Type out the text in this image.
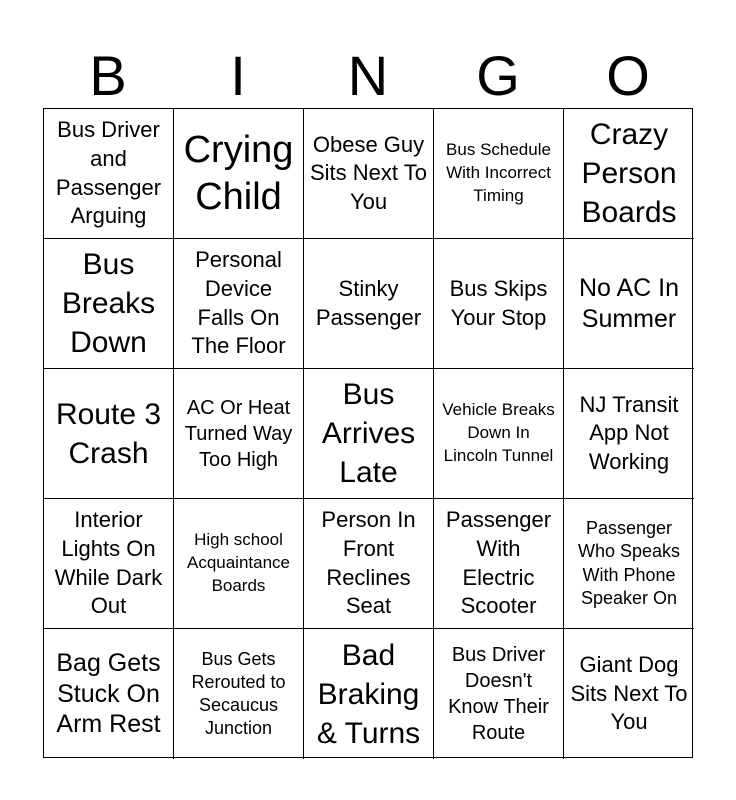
B	I	N	G	O
Bus Driver and Passenger Arguing
Crying Child
Obese Guy Sits Next To You
Bus Schedule With Incorrect Timing
Crazy Person Boards
Bus Breaks Down
Personal Device Falls On The Floor
Stinky Passenger
Bus Skips Your Stop
No AC In Summer
Route 3 Crash
AC Or Heat Turned Way Too High
Bus Arrives Late
Vehicle Breaks Down In Lincoln Tunnel
NJ Transit App Not Working
Interior Lights On While Dark Out
High school Acquaintance Boards
Person In Front Reclines Seat
Passenger With Electric Scooter
Passenger Who Speaks With Phone Speaker On
Bag Gets Stuck On Arm Rest
Bus Gets Rerouted to Secaucus Junction
Bad Braking & Turns
Bus Driver Doesn't Know Their Route
Giant Dog Sits Next To You
